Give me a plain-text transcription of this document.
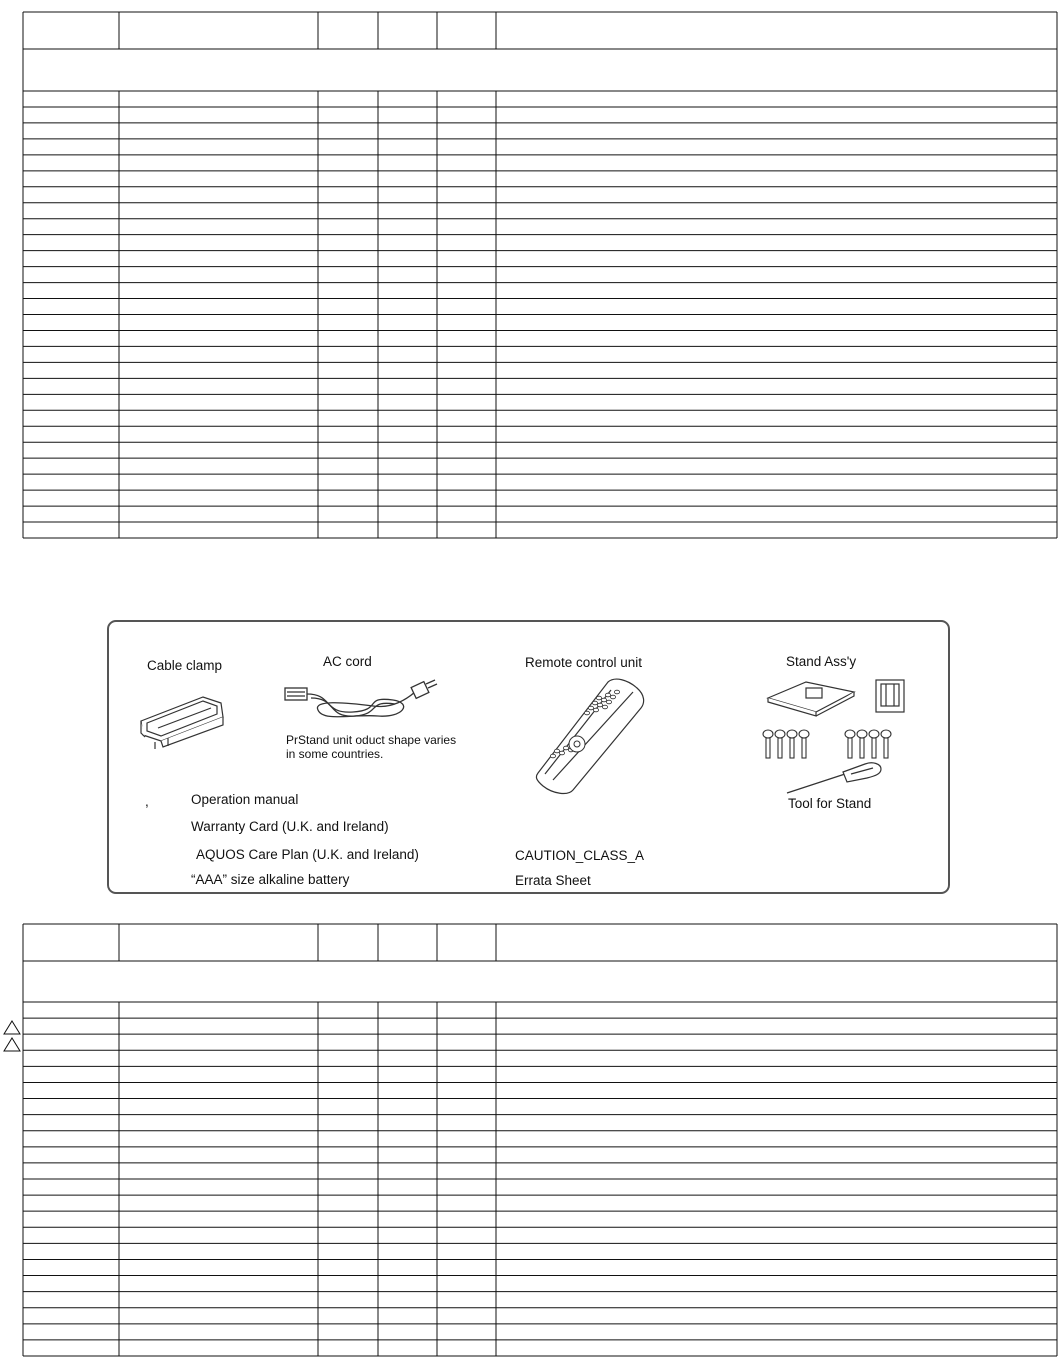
Cable clamp	AC cord	Remote control unit	Stand Ass'y
PrStand unit oduct shape varies
in some countries.
Tool for Stand
,	Operation manual
Warranty Card (U.K. and Ireland)
AQUOS Care Plan (U.K. and Ireland)
“AAA” size alkaline battery
CAUTION_CLASS_A
Errata Sheet
